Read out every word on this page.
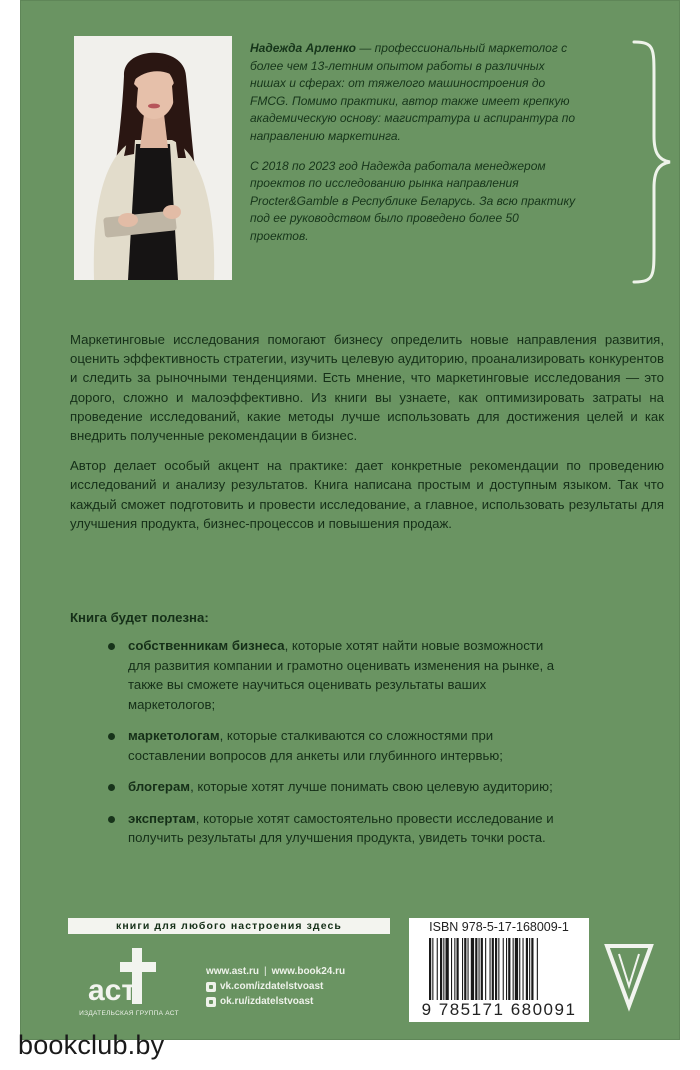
Надежда Арленко — профессиональный маркетолог с более чем 13-летним опытом работы в различных нишах и сферах: от тяжелого машиностроения до FMCG. Помимо практики, автор также имеет крепкую академическую основу: магистратура и аспирантура по направлению маркетинга.

С 2018 по 2023 год Надежда работала менеджером проектов по исследованию рынка направления Procter&Gamble в Республике Беларусь. За всю практику под ее руководством было проведено более 50 проектов.

Маркетинговые исследования помогают бизнесу определить новые направления развития, оценить эффективность стратегии, изучить целевую аудиторию, проанализировать конкурентов и следить за рыночными тенденциями. Есть мнение, что маркетинговые исследования — это дорого, сложно и малоэффективно. Из книги вы узнаете, как оптимизировать затраты на проведение исследований, какие методы лучше использовать для достижения целей и как внедрить полученные рекомендации в бизнес.

Автор делает особый акцент на практике: дает конкретные рекомендации по проведению исследований и анализу результатов. Книга написана простым и доступным языком. Так что каждый сможет подготовить и провести исследование, а главное, использовать результаты для улучшения продукта, бизнес-процессов и повышения продаж.

Книга будет полезна:
собственникам бизнеса, которые хотят найти новые возможности для развития компании и грамотно оценивать изменения на рынке, а также вы сможете научиться оценивать результаты ваших маркетологов;
маркетологам, которые сталкиваются со сложностями при составлении вопросов для анкеты или глубинного интервью;
блогерам, которые хотят лучше понимать свою целевую аудиторию;
экспертам, которые хотят самостоятельно провести исследование и получить результаты для улучшения продукта, увидеть точки роста.
книги для любого настроения здесь
аст
ИЗДАТЕЛЬСКАЯ ГРУППА АСТ
www.ast.ru | www.book24.ru
vk.com/izdatelstvoast
ok.ru/izdatelstvoast
ISBN 978-5-17-168009-1
9 785171 680091
bookclub.by
